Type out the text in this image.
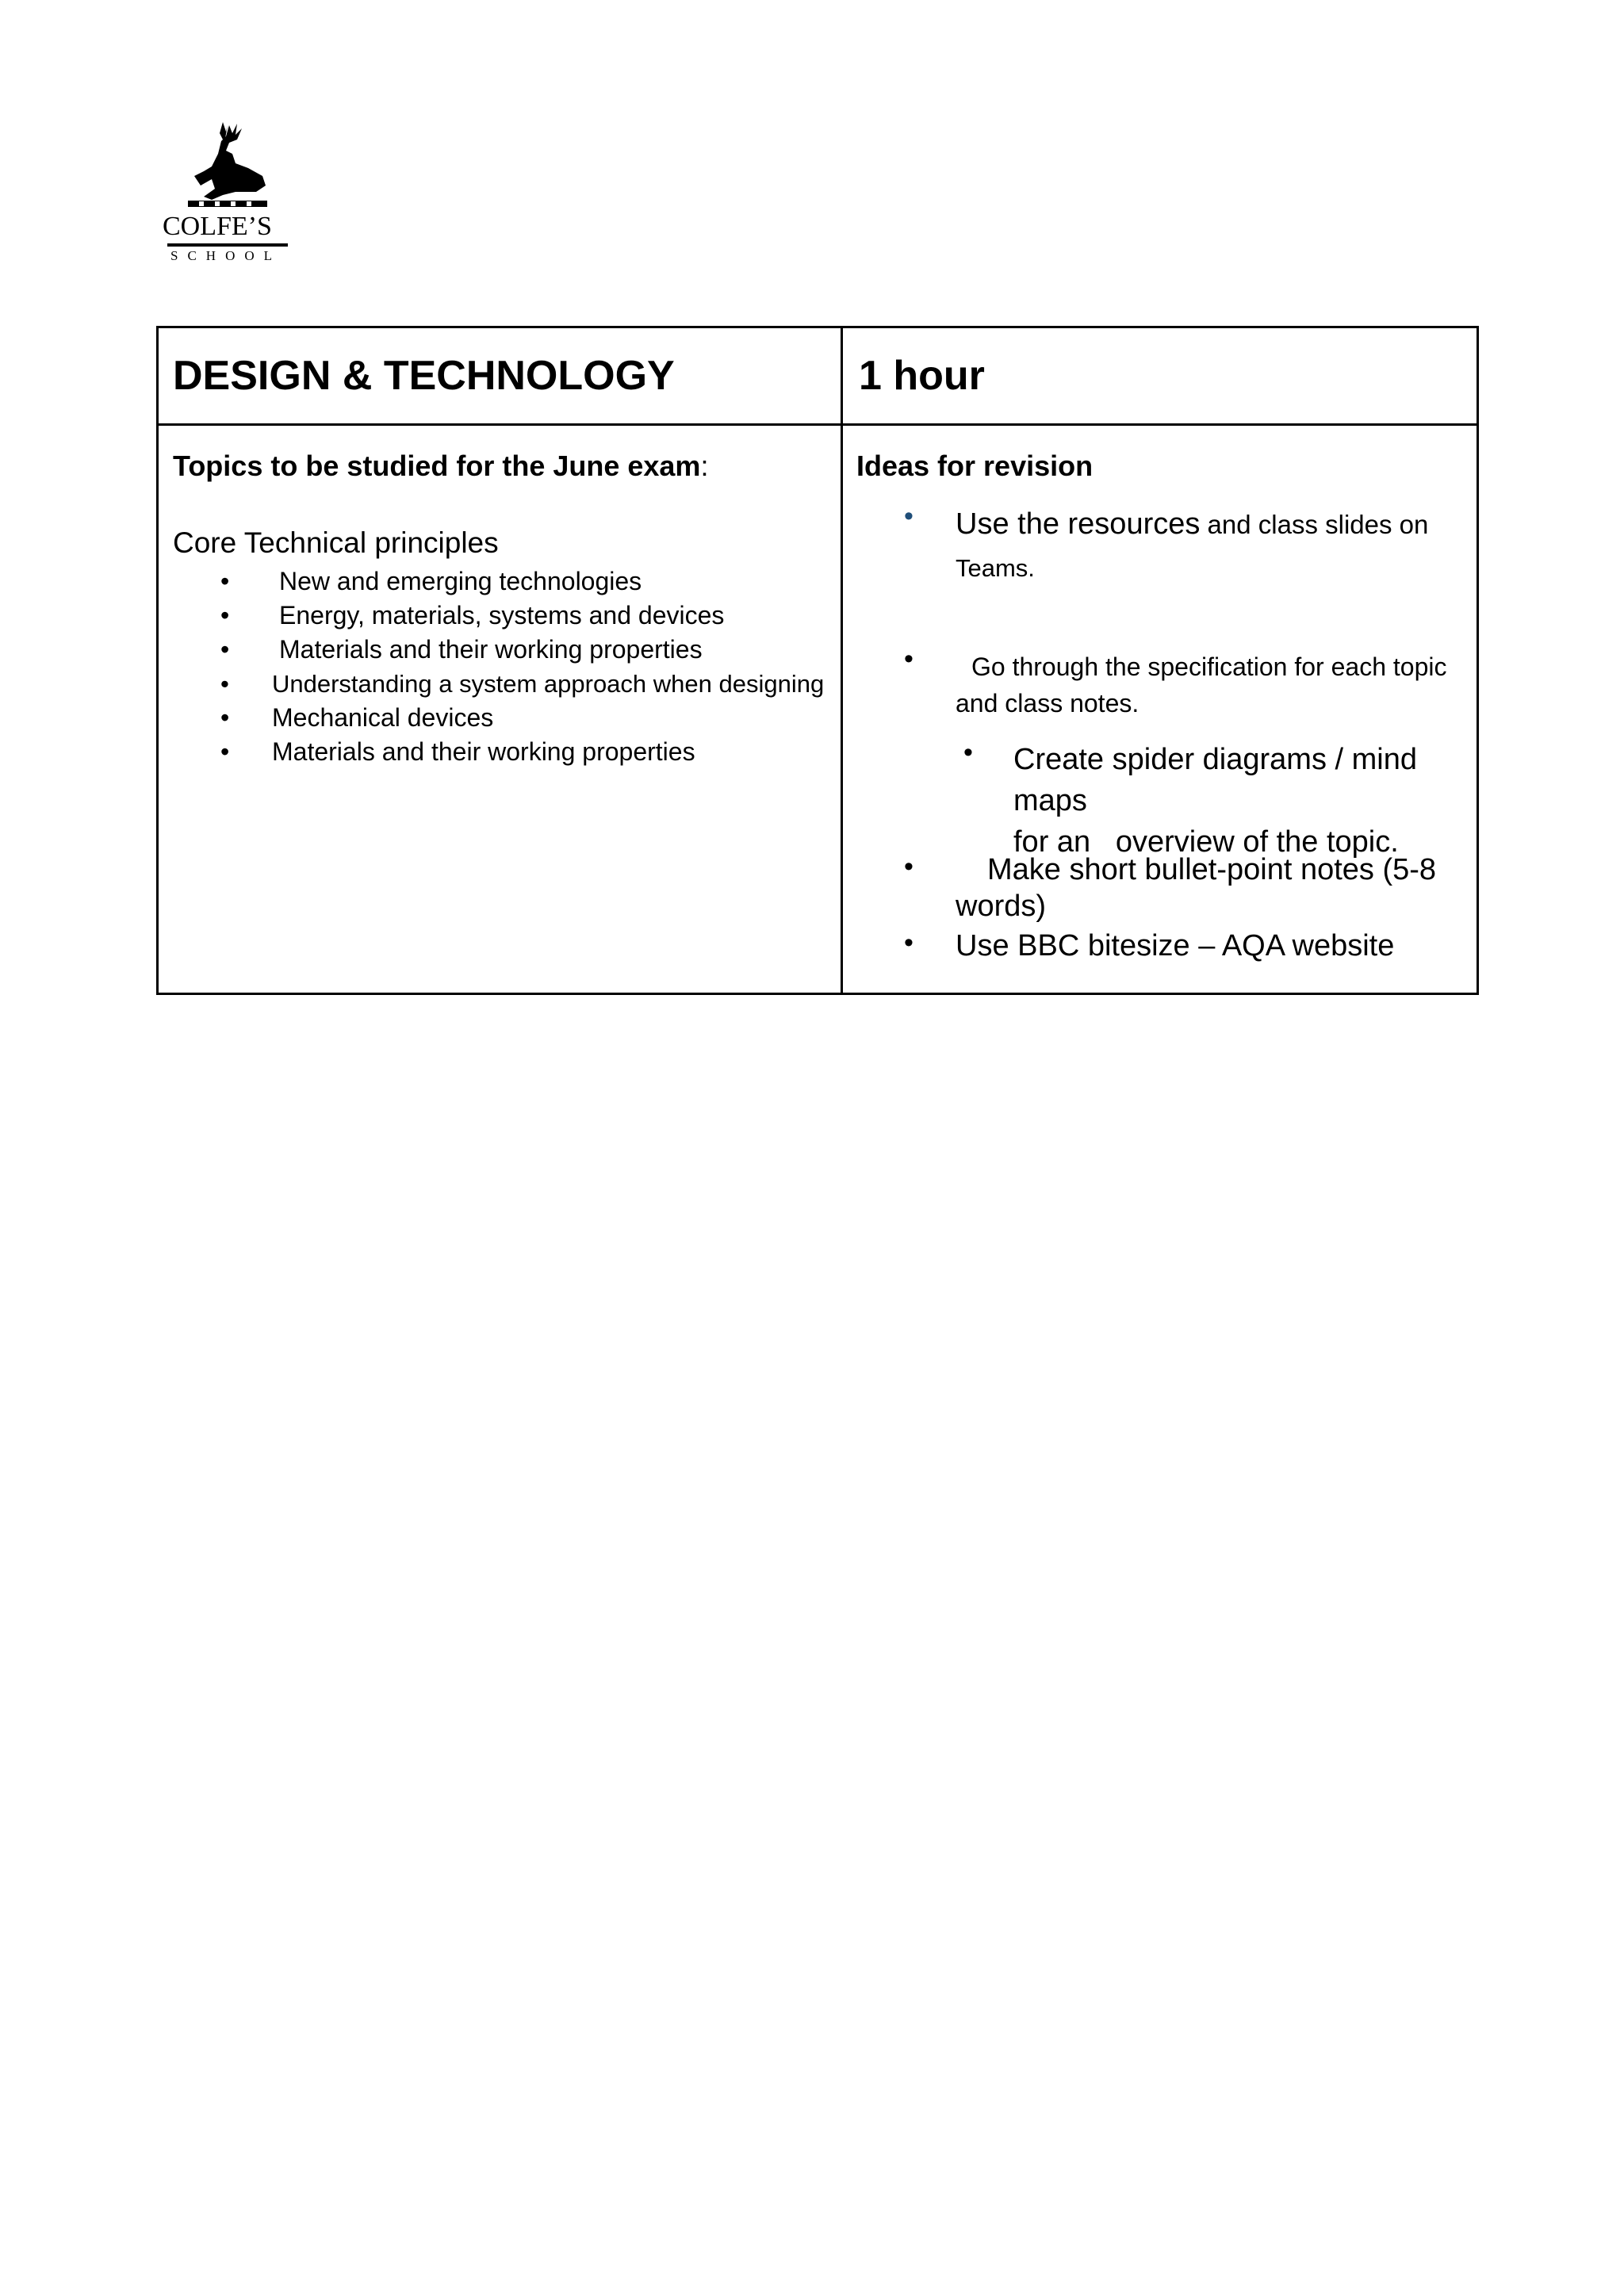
COLFE’S
SCHOOL
DESIGN & TECHNOLOGY	1 hour
Topics to be studied for the June exam:
Core Technical principles
• New and emerging technologies
• Energy, materials, systems and devices
• Materials and their working properties
• Understanding a system approach when designing
• Mechanical devices
• Materials and their working properties
Ideas for revision
• Use the resources and class slides on
Teams.
• Go through the specification for each topic
and class notes.
• Create spider diagrams / mind maps
for an   overview of the topic.
• Make short bullet-point notes (5-8
words)
• Use BBC bitesize – AQA website
